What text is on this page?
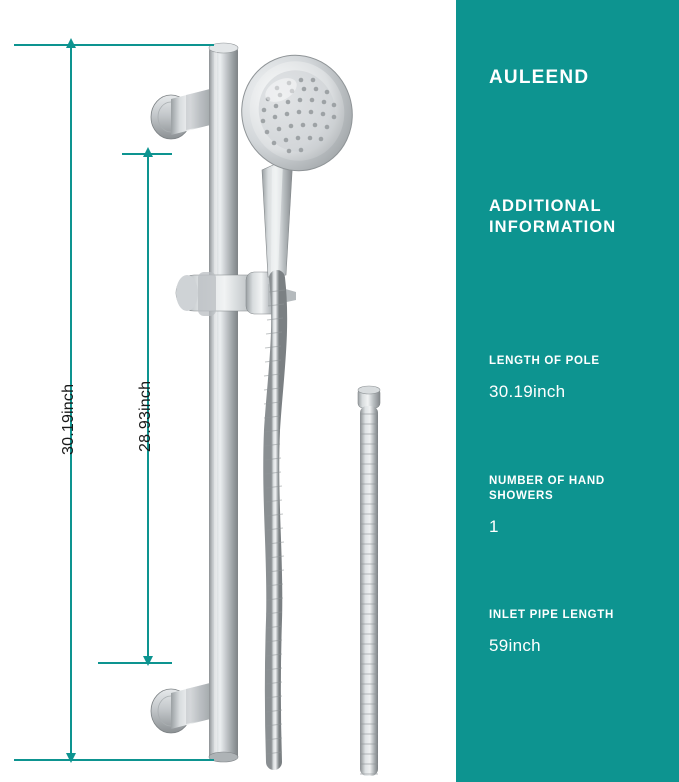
30.19inch	28.93inch
AULEEND
ADDITIONAL
INFORMATION
LENGTH OF POLE
30.19inch
NUMBER OF HAND
SHOWERS
1
INLET PIPE LENGTH
59inch
